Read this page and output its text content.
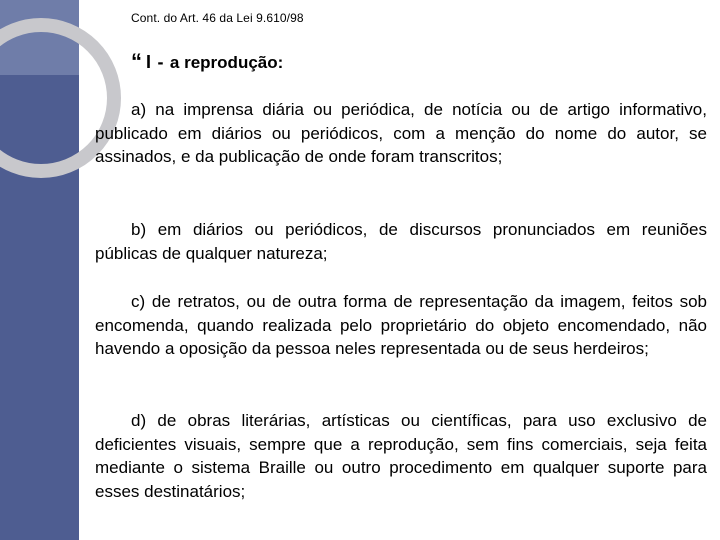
Cont. do Art. 46 da Lei 9.610/98
“ I - a reprodução:

a) na imprensa diária ou periódica, de notícia ou de artigo informativo, publicado em diários ou periódicos, com a menção do nome do autor, se assinados, e da publicação de onde foram transcritos;

b) em diários ou periódicos, de discursos pronunciados em reuniões públicas de qualquer natureza;

c) de retratos, ou de outra forma de representação da imagem, feitos sob encomenda, quando realizada pelo proprietário do objeto encomendado, não havendo a oposição da pessoa neles representada ou de seus herdeiros;

d) de obras literárias, artísticas ou científicas, para uso exclusivo de deficientes visuais, sempre que a reprodução, sem fins comerciais, seja feita mediante o sistema Braille ou outro procedimento em qualquer suporte para esses destinatários;
